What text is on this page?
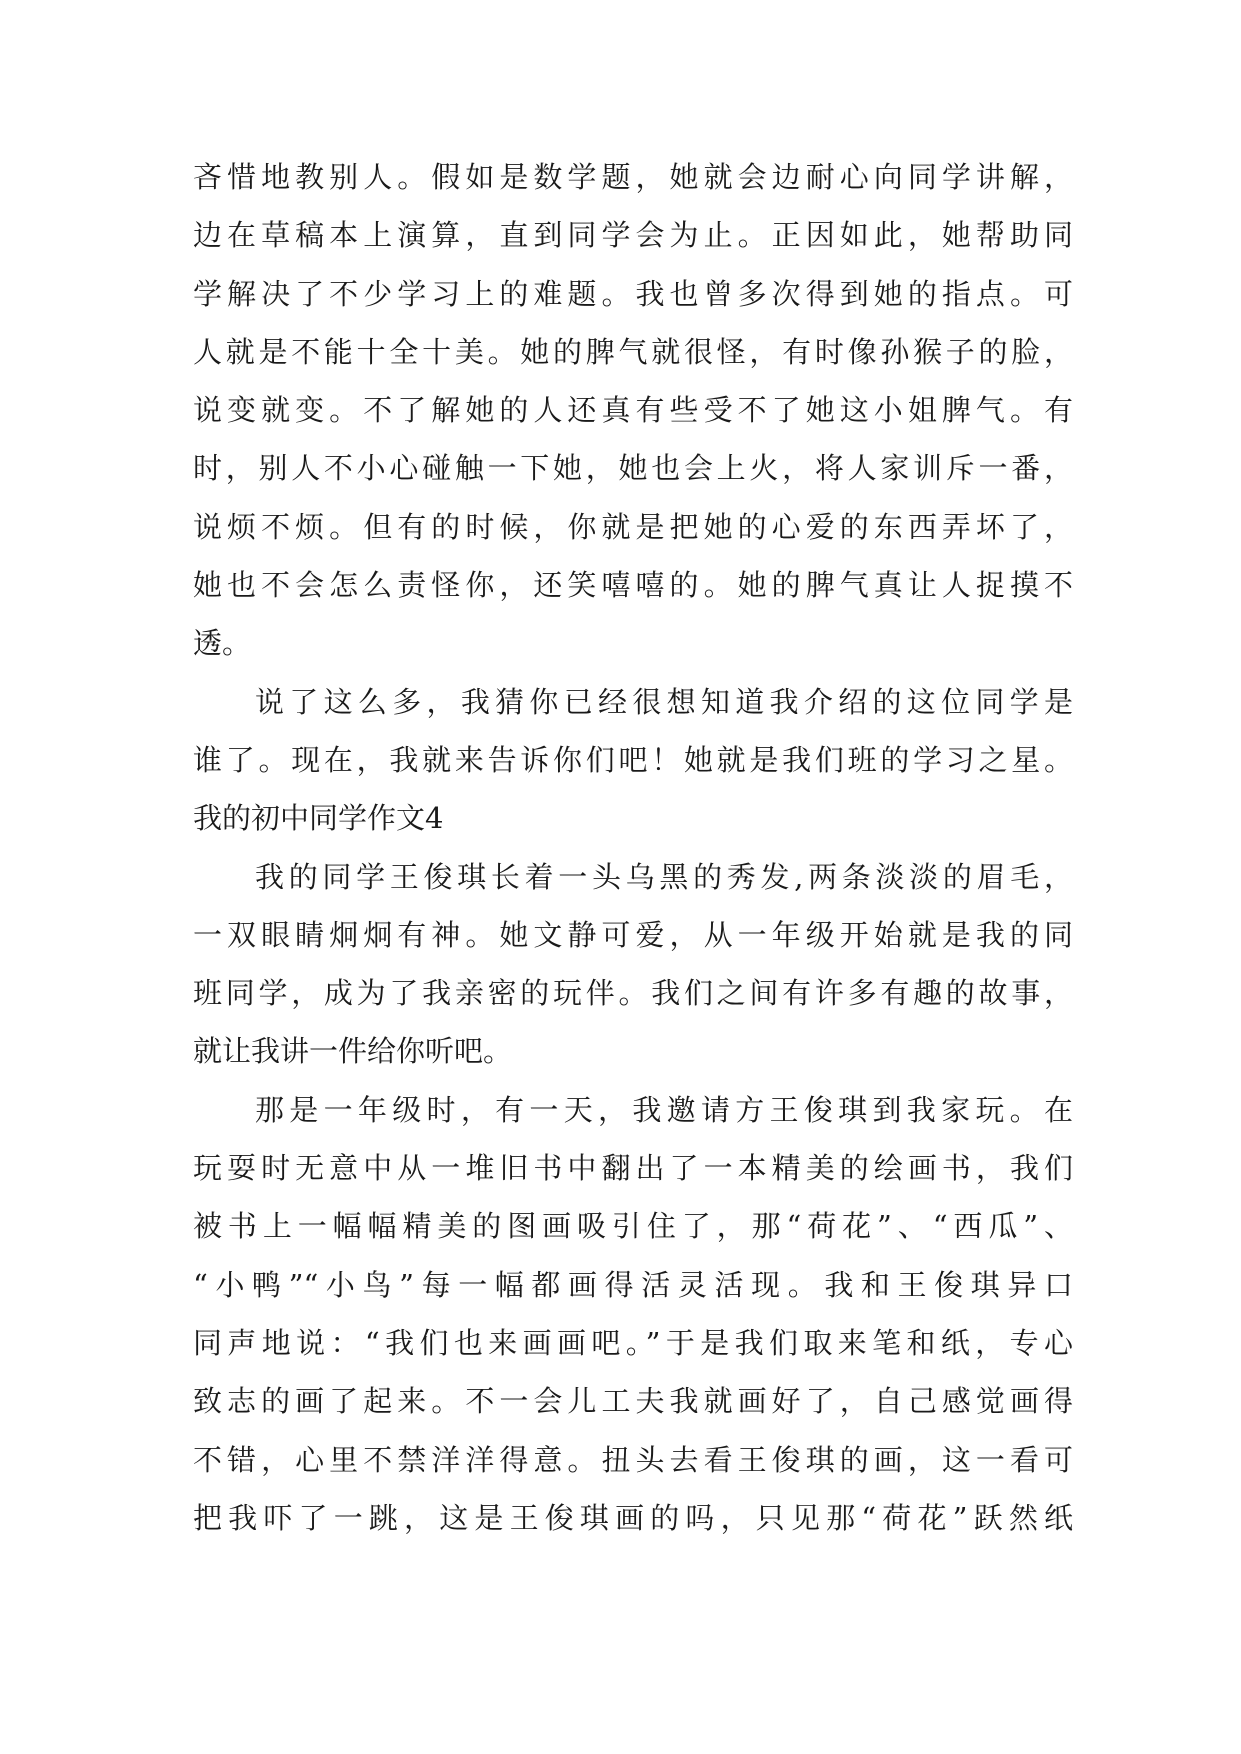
吝惜地教别人。假如是数学题，她就会边耐心向同学讲解，
边在草稿本上演算，直到同学会为止。正因如此，她帮助同
学解决了不少学习上的难题。我也曾多次得到她的指点。可
人就是不能十全十美。她的脾气就很怪，有时像孙猴子的脸，
说变就变。不了解她的人还真有些受不了她这小姐脾气。有
时，别人不小心碰触一下她，她也会上火，将人家训斥一番，
说烦不烦。但有的时候，你就是把她的心爱的东西弄坏了，
她也不会怎么责怪你，还笑嘻嘻的。她的脾气真让人捉摸不
透。
说了这么多，我猜你已经很想知道我介绍的这位同学是
谁了。现在，我就来告诉你们吧！她就是我们班的学习之星。
我的初中同学作文4
我的同学王俊琪长着一头乌黑的秀发,两条淡淡的眉毛，
一双眼睛炯炯有神。她文静可爱，从一年级开始就是我的同
班同学，成为了我亲密的玩伴。我们之间有许多有趣的故事，
就让我讲一件给你听吧。
那是一年级时，有一天，我邀请方王俊琪到我家玩。在
玩耍时无意中从一堆旧书中翻出了一本精美的绘画书，我们
被书上一幅幅精美的图画吸引住了，那“荷花”、“西瓜”、
“小鸭”“小鸟”每一幅都画得活灵活现。我和王俊琪异口
同声地说：“我们也来画画吧。”于是我们取来笔和纸，专心
致志的画了起来。不一会儿工夫我就画好了，自己感觉画得
不错，心里不禁洋洋得意。扭头去看王俊琪的画，这一看可
把我吓了一跳，这是王俊琪画的吗，只见那“荷花”跃然纸
